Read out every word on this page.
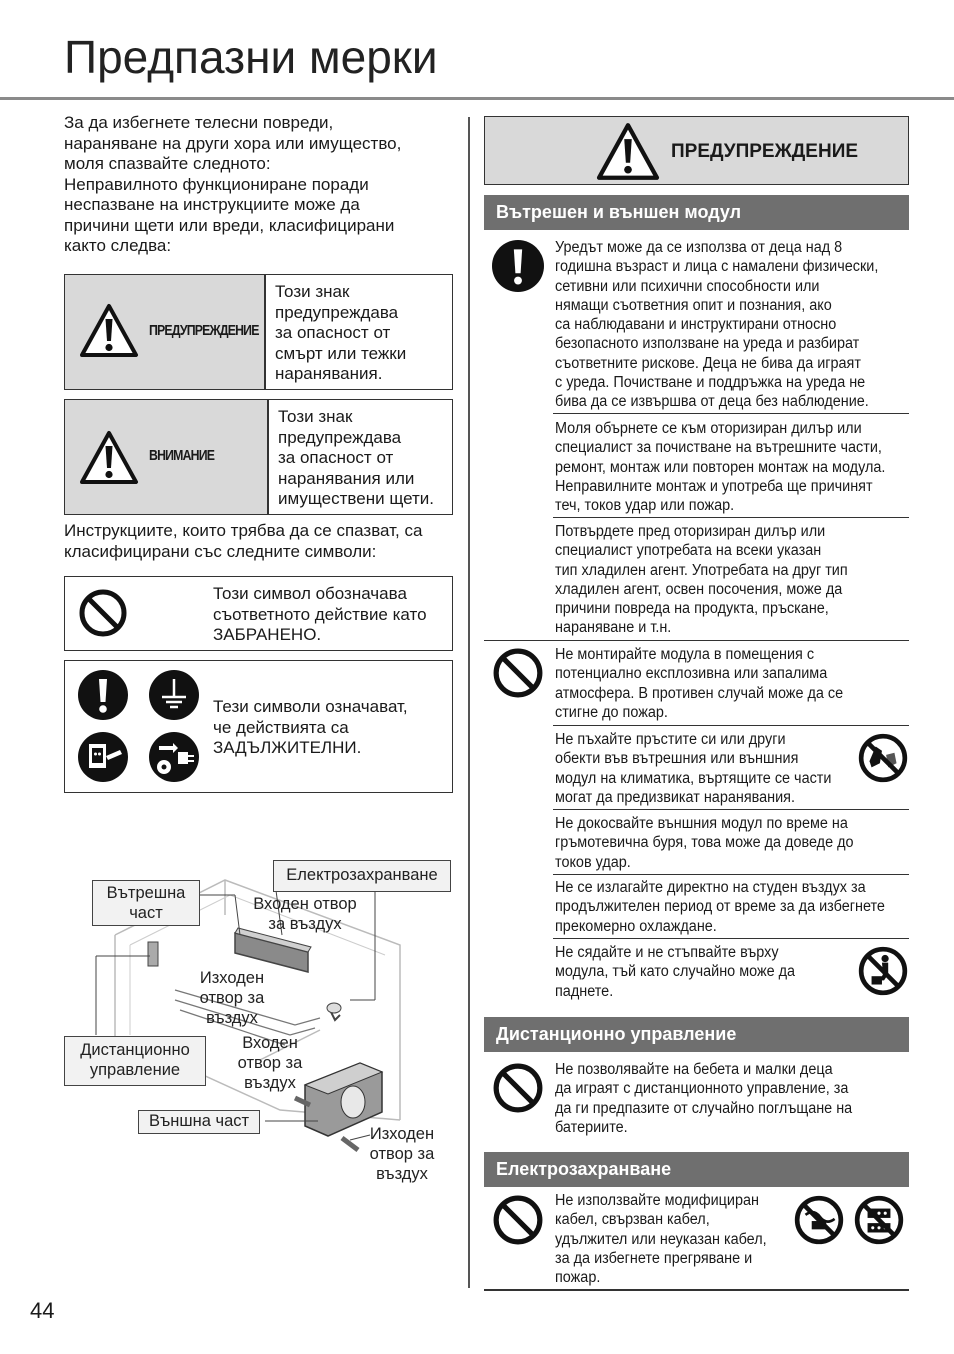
Предпазни мерки
За да избегнете телесни повреди,
нараняване на други хора или имущество,
моля спазвайте следното:
Неправилното функциониране поради
неспазване на инструкциите може да
причини щети или вреди, класифицирани
както следва:
ПРЕДУПРЕЖДЕНИЕ
Този знак
предупреждава
за опасност от
смърт или тежки
наранявания.
ВНИМАНИЕ
Този знак
предупреждава
за опасност от
наранявания или
имуществени щети.
Инструкциите, които трябва да се спазват, са
класифицирани със следните символи:
Този символ обозначава
съответното действие като
ЗАБРАНЕНО.
Тези символи означават,
че действията са
ЗАДЪЛЖИТЕЛНИ.
Електрозахранване
Вътрешна
част	Входен отвор
за въздух
Изходен
отвор за
въздух
Входен
отвор за
въздух
Дистанционно
управление
Външна част
Изходен
отвор за
въздух
44
ПРЕДУПРЕЖДЕНИЕ
Вътрешен и външен модул
Уредът може да се използва от деца над 8
годишна възраст и лица с намалени физически,
сетивни или психични способности или
нямащи съответния опит и познания, ако
са наблюдавани и инструктирани относно
безопасното използване на уреда и разбират
съответните рискове. Деца не бива да играят
с уреда. Почистване и поддръжка на уреда не
бива да се извършва от деца без наблюдение.
Моля обърнете се към оторизиран дилър или
специалист за почистване на вътрешните части,
ремонт, монтаж или повторен монтаж на модула.
Неправилните монтаж и употреба ще причинят
теч, токов удар или пожар.
Потвърдете пред оторизиран дилър или
специалист употребата на всеки указан
тип хладилен агент. Употребата на друг тип
хладилен агент, освен посочения, може да
причини повреда на продукта, пръскане,
нараняване и т.н.
Не монтирайте модула в помещения с
потенциално експлозивна или запалима
атмосфера. В противен случай може да се
стигне до пожар.
Не пъхайте пръстите си или други
обекти във вътрешния или външния
модул на климатика, въртящите се части
могат да предизвикат наранявания.
Не докосвайте външния модул по време на
гръмотевична буря, това може да доведе до
токов удар.
Не се излагайте директно на студен въздух за
продължителен период от време за да избегнете
прекомерно охлаждане.
Не сядайте и не стъпвайте върху
модула, тъй като случайно може да
паднете.
Дистанционно управление
Не позволявайте на бебета и малки деца
да играят с дистанционното управление, за
да ги предпазите от случайно поглъщане на
батериите.
Електрозахранване
Не използвайте модифициран
кабел, свързван кабел,
удължител или неуказан кабел,
за да избегнете прегряване и
пожар.
